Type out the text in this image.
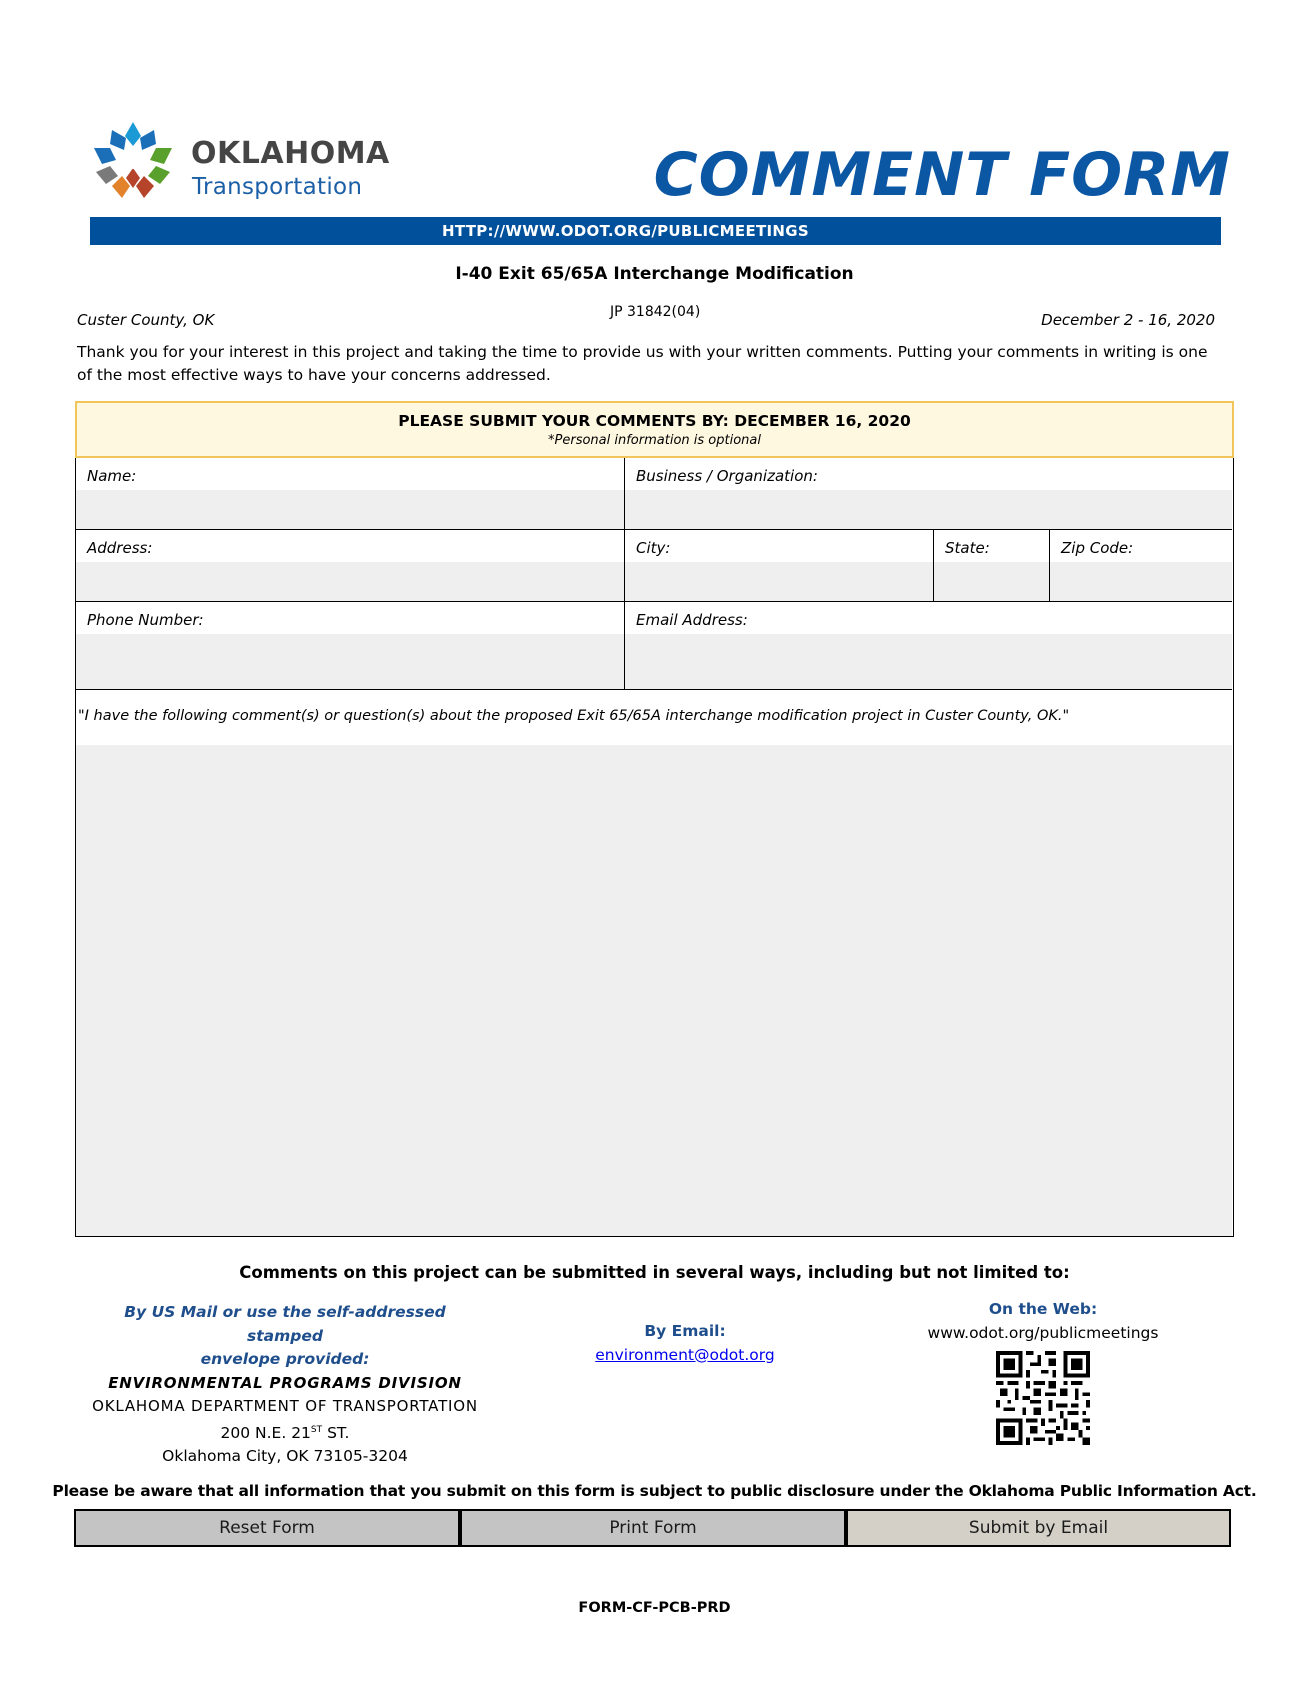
OKLAHOMA
Transportation	COMMENT FORM
HTTP://WWW.ODOT.ORG/PUBLICMEETINGS
I-40 Exit 65/65A Interchange Modification
Custer County, OK	JP 31842(04)	December 2 - 16, 2020
Thank you for your interest in this project and taking the time to provide us with your written comments. Putting your comments in writing is one of the most effective ways to have your concerns addressed.
PLEASE SUBMIT YOUR COMMENTS BY: DECEMBER 16, 2020
*Personal information is optional
Name:	Business / Organization:
Address:	City:	State:	Zip Code:
Phone Number:	Email Address:
"I have the following comment(s) or question(s) about the proposed Exit 65/65A interchange modification project in Custer County, OK."
Comments on this project can be submitted in several ways, including but not limited to:
By US Mail or use the self-addressed stamped
envelope provided:
ENVIRONMENTAL PROGRAMS DIVISION
OKLAHOMA DEPARTMENT OF TRANSPORTATION
200 N.E. 21ST ST.
Oklahoma City, OK 73105-3204
By Email:
environment@odot.org
On the Web:
www.odot.org/publicmeetings
Please be aware that all information that you submit on this form is subject to public disclosure under the Oklahoma Public Information Act.
Reset Form	Print Form	Submit by Email
FORM-CF-PCB-PRD
